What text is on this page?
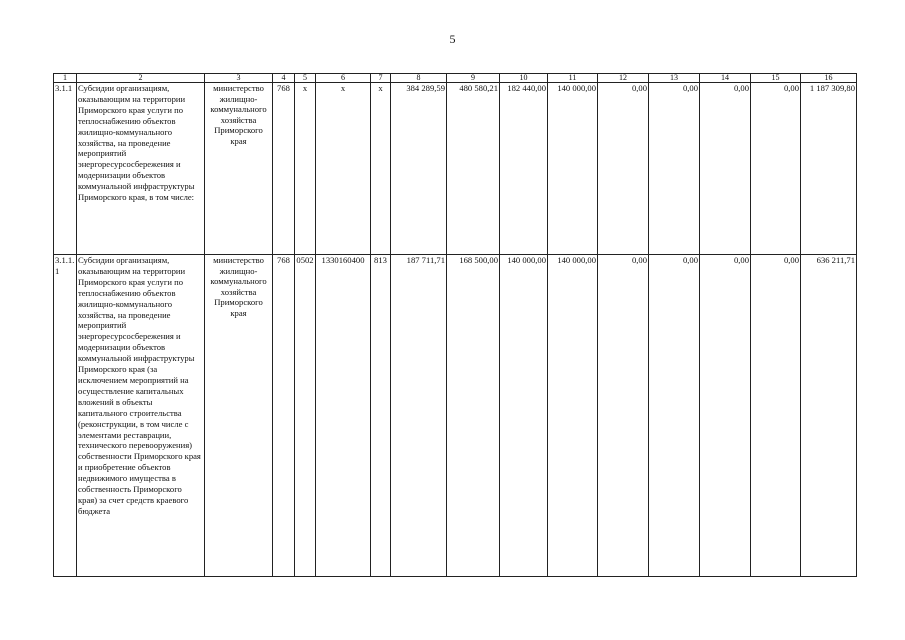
5
1	2	3	4	5	6	7	8	9	10	11	12	13	14	15	16
3.1.1	Субсидии организациям, оказывающим на территории Приморского края услуги по теплоснабжению объектов жилищно-коммунального хозяйства, на проведение мероприятий энергоресурсосбережения и модернизации объектов коммунальной инфраструктуры Приморского края, в том числе:	министерство жилищно-коммунального хозяйства Приморского края	768	х	х	х	384 289,59	480 580,21	182 440,00	140 000,00	0,00	0,00	0,00	0,00	1 187 309,80
3.1.1.1	Субсидии организациям, оказывающим на территории Приморского края услуги по теплоснабжению объектов жилищно-коммунального хозяйства, на проведение мероприятий энергоресурсосбережения и модернизации объектов коммунальной инфраструктуры Приморского края (за исключением мероприятий на осуществление капитальных вложений в объекты капитального строительства (реконструкции, в том числе с элементами реставрации, технического перевооружения) собственности Приморского края и приобретение объектов недвижимого имущества в собственность Приморского края) за счет средств краевого бюджета	министерство жилищно-коммунального хозяйства Приморского края	768	0502	1330160400	813	187 711,71	168 500,00	140 000,00	140 000,00	0,00	0,00	0,00	0,00	636 211,71
